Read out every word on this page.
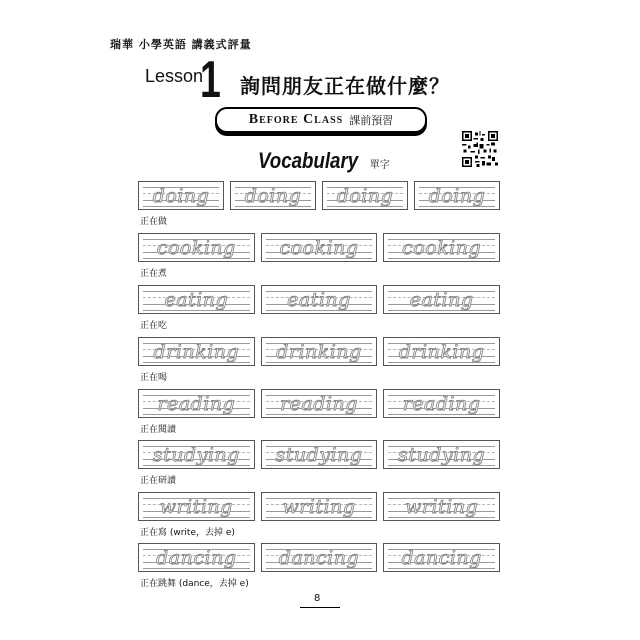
瑞華 小學英語 講義式評量
Lesson
1 詢問朋友正在做什麼？
Before Class 課前預習
Vocabulary 單字
doing	doing	doing	doing
正在做
cooking	cooking	cooking
正在煮
eating	eating	eating
正在吃
drinking	drinking	drinking
正在喝
reading	reading	reading
正在閱讀
studying	studying	studying
正在研讀
writing	writing	writing
正在寫 (write，去掉 e)
dancing	dancing	dancing
正在跳舞 (dance，去掉 e)
8
